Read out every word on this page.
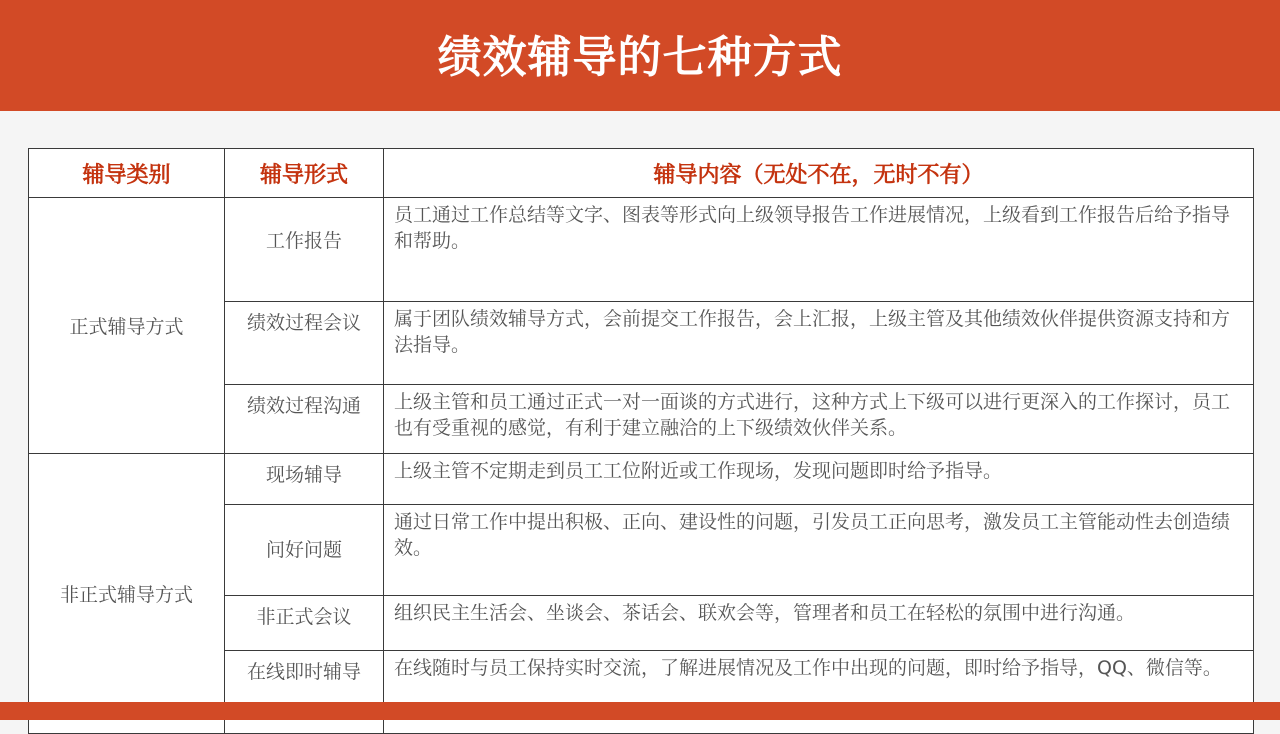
绩效辅导的七种方式
辅导类别	辅导形式	辅导内容（无处不在，无时不有）
正式辅导方式	工作报告	员工通过工作总结等文字、图表等形式向上级领导报告工作进展情况，上级看到工作报告后给予指导和帮助。
	绩效过程会议	属于团队绩效辅导方式，会前提交工作报告，会上汇报，上级主管及其他绩效伙伴提供资源支持和方法指导。
	绩效过程沟通	上级主管和员工通过正式一对一面谈的方式进行，这种方式上下级可以进行更深入的工作探讨，员工也有受重视的感觉，有利于建立融洽的上下级绩效伙伴关系。
非正式辅导方式	现场辅导	上级主管不定期走到员工工位附近或工作现场，发现问题即时给予指导。
	问好问题	通过日常工作中提出积极、正向、建设性的问题，引发员工正向思考，激发员工主管能动性去创造绩效。
	非正式会议	组织民主生活会、坐谈会、茶话会、联欢会等，管理者和员工在轻松的氛围中进行沟通。
	在线即时辅导	在线随时与员工保持实时交流，了解进展情况及工作中出现的问题，即时给予指导，QQ、微信等。
